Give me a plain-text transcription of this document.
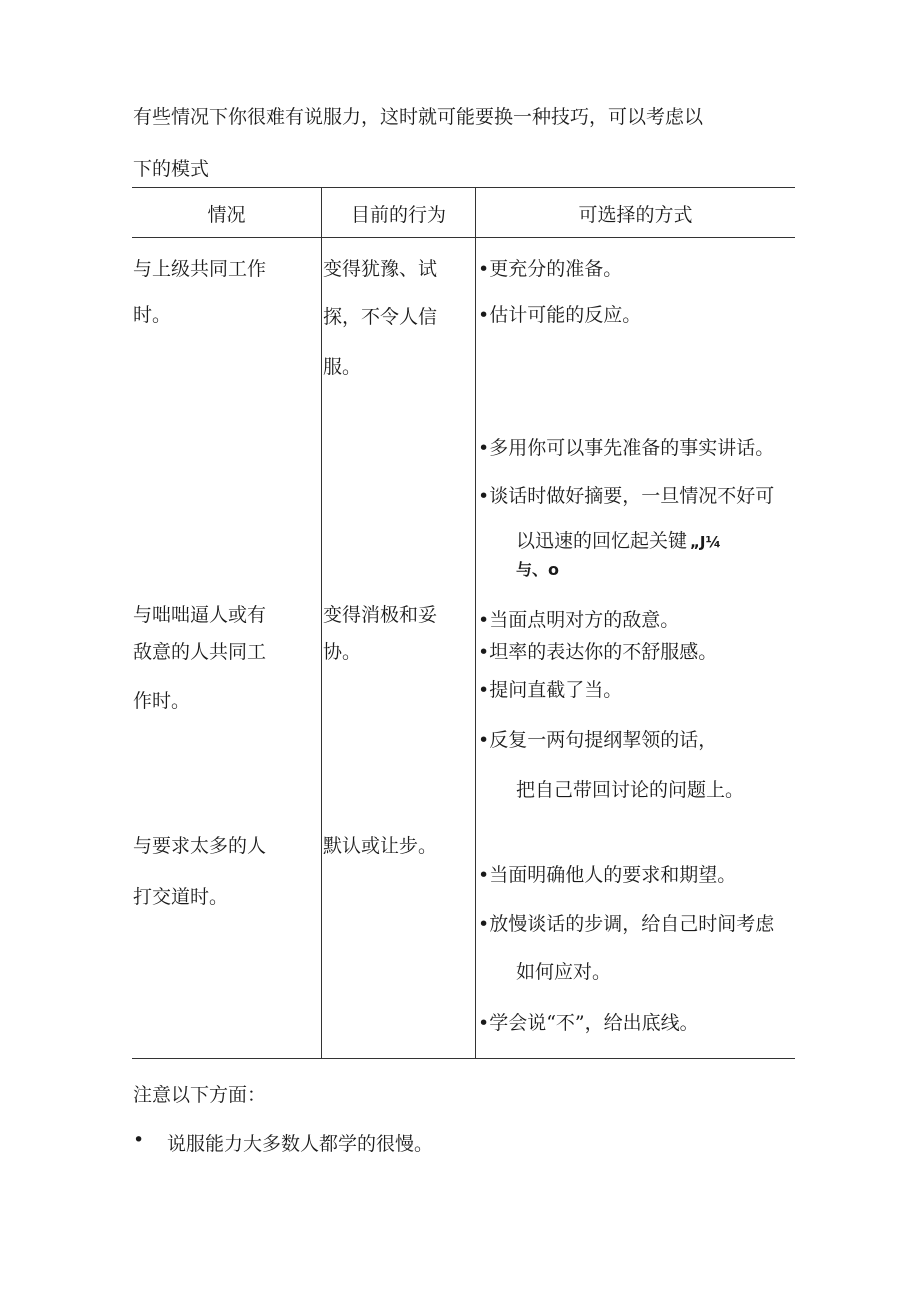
有些情况下你很难有说服力，这时就可能要换一种技巧，可以考虑以
下的模式
情况	目前的行为	可选择的方式
与上级共同工作
时。
变得犹豫、试
探，不令人信
服。
•更充分的准备。
•估计可能的反应。
•多用你可以事先准备的事实讲话。
•谈话时做好摘要，一旦情况不好可
以迅速的回忆起关键 „J¼
与、o
与咄咄逼人或有
敌意的人共同工
作时。
变得消极和妥
协。
•当面点明对方的敌意。
•坦率的表达你的不舒服感。
•提问直截了当。
•反复一两句提纲挈领的话，
把自己带回讨论的问题上。
与要求太多的人
打交道时。
默认或让步。
•当面明确他人的要求和期望。
•放慢谈话的步调，给自己时间考虑
如何应对。
•学会说“不”，给出底线。
注意以下方面：
• 说服能力大多数人都学的很慢。
